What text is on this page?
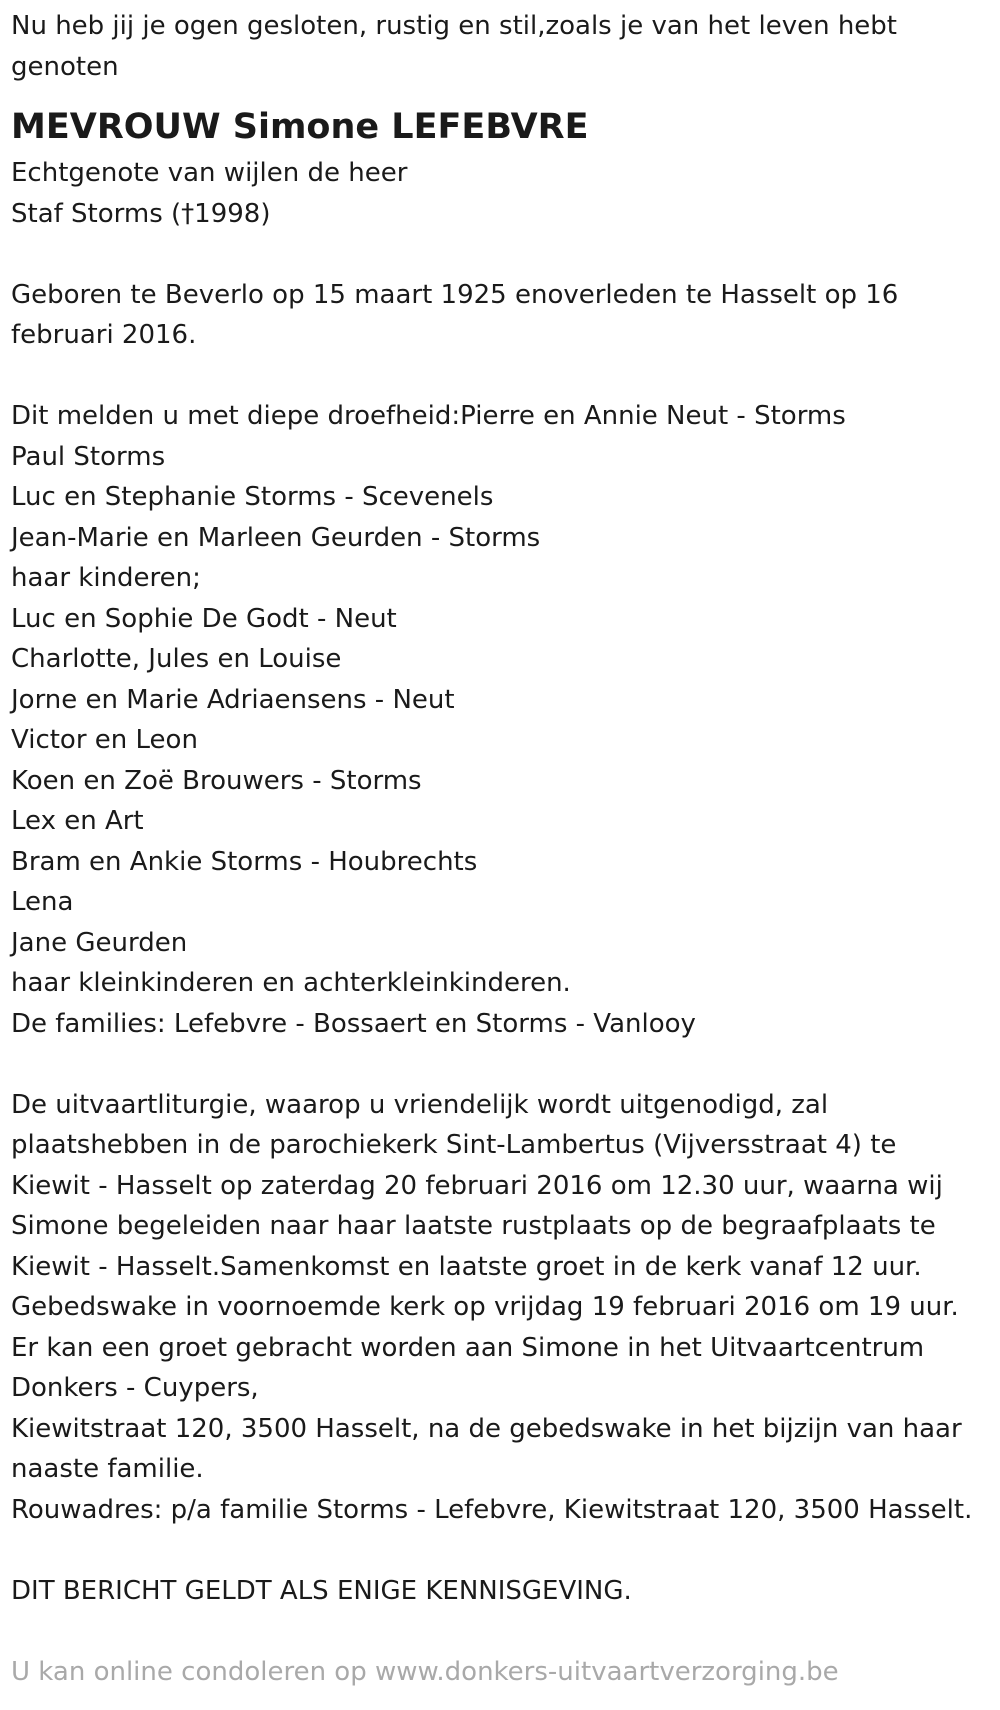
Nu heb jij je ogen gesloten, rustig en stil,zoals je van het leven hebt

genoten

MEVROUW Simone LEFEBVRE

Echtgenote van wijlen de heer

Staf Storms (†1998)

Geboren te Beverlo op 15 maart 1925 enoverleden te Hasselt op 16

februari 2016.

Dit melden u met diepe droefheid:Pierre en Annie Neut - Storms

Paul Storms

Luc en Stephanie Storms - Scevenels

Jean-Marie en Marleen Geurden - Storms

haar kinderen;

Luc en Sophie De Godt - Neut

Charlotte, Jules en Louise

Jorne en Marie Adriaensens - Neut

Victor en Leon

Koen en Zoë Brouwers - Storms

Lex en Art

Bram en Ankie Storms - Houbrechts

Lena

Jane Geurden

haar kleinkinderen en achterkleinkinderen.

De families: Lefebvre - Bossaert en Storms - Vanlooy

De uitvaartliturgie, waarop u vriendelijk wordt uitgenodigd, zal

plaatshebben in de parochiekerk Sint-Lambertus (Vijversstraat 4) te

Kiewit - Hasselt op zaterdag 20 februari 2016 om 12.30 uur, waarna wij

Simone begeleiden naar haar laatste rustplaats op de begraafplaats te

Kiewit - Hasselt.Samenkomst en laatste groet in de kerk vanaf 12 uur.

Gebedswake in voornoemde kerk op vrijdag 19 februari 2016 om 19 uur.

Er kan een groet gebracht worden aan Simone in het Uitvaartcentrum

Donkers - Cuypers,

Kiewitstraat 120, 3500 Hasselt, na de gebedswake in het bijzijn van haar

naaste familie.

Rouwadres: p/a familie Storms - Lefebvre, Kiewitstraat 120, 3500 Hasselt.

DIT BERICHT GELDT ALS ENIGE KENNISGEVING.

U kan online condoleren op www.donkers-uitvaartverzorging.be
